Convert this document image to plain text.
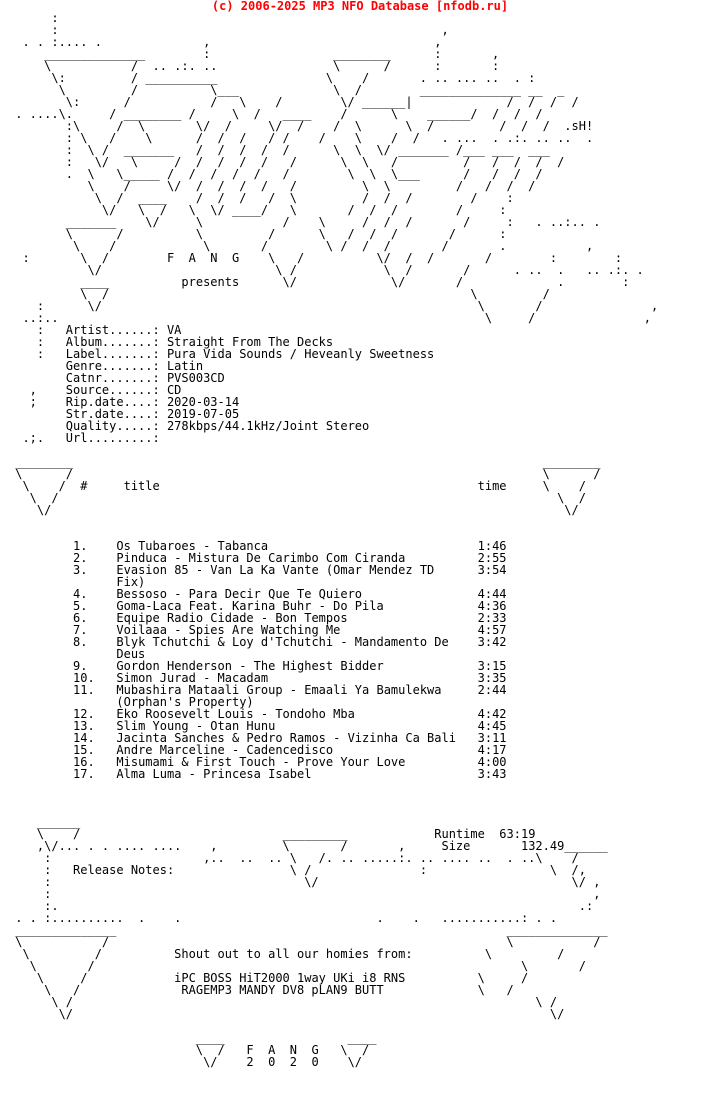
(c) 2006-2025 MP3 NFO Database [nfodb.ru]
:
:                                                     ,
. . :.... .              ,                               ,
______________        :                 ________      :       ,
\           /  .. .:. ..                \      /      :       :
\:         / __________               \    /       . .. ... ..  . :
\         /          \___             \  /        ______________ __  _
\:      /           /   \    /        \/ ______|             /  /  /  /
. ....\.     / ________ /     \  /   ____    /      \    ______/  /  /  /
:\     /  \       \/  /     \/  /    /  \      \  /         /  /  /  .sH!
: \   /    \      /  /  /   / /    /    \    /  /   . ...  . .:. .. ..  .
:  \ /  _______   /  /  /  /  /      \  \  \/ _______ /___ ___  ___
:   \/   \     /  /  /  /  /   /      \  \   /         /   /  /  /  /
.  \   \_____ /  /  /  /  /   /        \  \  \___      /   /  /  /
\    /     \/  /  /  /  /   /         \  \         /   /  /  /
\  /  ____    /  /  /   /  \         /  /  /        /    :
\/   \  /   \  \/ ____/   \       /  /  /        /     :
_______    \/     \           /    \     /  /  /       /     :   . ..:.. .
\      /          \         /      \   /  /  /       /      :
\    /            \       /        \ /  /  /       /       .           ,
:       \  /        F  A  N  G    \   /          \/  /  /       /        :        :
\/                        \ /            \  /       /      . ..  .   .. .:. .
____          presents      \/             \/       /             .        :
\  /                                                  \         /
:      \/                                                    \       /               ,
..:..                                                           \     /               ,
:   Artist......: VA
:   Album.......: Straight From The Decks
:   Label.......: Pura Vida Sounds / Heveanly Sweetness
Genre.......: Latin
Catnr.......: PVS003CD
,    Source......: CD
;    Rip.date....: 2020-03-14
Str.date....: 2019-07-05
Quality.....: 278kbps/44.1kHz/Joint Stereo
.;.   Url.........:

________                                                                 ________
\      /                                                                 \      /
\    /  #	title	time     \    /
\  /                                                                     \  /
\/                                                                       \/

1.    Os Tubaroes - Tabanca                             1:46
2.    Pinduca - Mistura De Carimbo Com Ciranda          2:55
3.    Evasion 85 - Van La Ka Vante (Omar Mendez TD      3:54
Fix)
4.    Bessoso - Para Decir Que Te Quiero                4:44
5.    Goma-Laca Feat. Karina Buhr - Do Pila             4:36
6.    Equipe Radio Cidade - Bon Tempos                  2:33
7.    Voilaaa - Spies Are Watching Me                   4:57
8.    Blyk Tchutchi & Loy d'Tchutchi - Mandamento De    3:42
Deus
9.    Gordon Henderson - The Highest Bidder             3:15
10.   Simon Jurad - Macadam                             3:35
11.   Mubashira Mataali Group - Emaali Ya Bamulekwa     2:44
(Orphan's Property)
12.   Eko Roosevelt Louis - Tondoho Mba                 4:42
13.   Slim Young - Otan Hunu                            4:45
14.   Jacinta Sanches & Pedro Ramos - Vizinha Ca Bali   3:11
15.   Andre Marceline - Cadencedisco                    4:17
16.   Misumami & First Touch - Prove Your Love          4:00
17.   Alma Luma - Princesa Isabel                       3:43

______
\    /                            _________            Runtime 63:19
,\/... . . .... ....    ,         \       /       ,     Size	132.49______
:                     ,..  ..  .. \   /. .. .....:. .. .... ..  . ..\    /
:   Release Notes:                \ /               :                 \  /,
:                                   \/                                   \/ ,
:                                                                           ,
:.                                                                        .:
. . :..........  .    .                           .    .   ...........: . .
______________                                                      ______________
\           /                                                       \           /
\         /          Shout out to all our homies from:          \         /
\       /                                                           \       /
\     /            iPC BOSS HiT2000 1way UKi i8 RNS          \     /
\   /              RAGEMP3 MANDY DV8 pLAN9 BUTT             \   /
\ /                                                                \ /
\/                                                                  \/

____                 ____
\  /   F  A  N  G   \  /
\/    2  0  2  0    \/
